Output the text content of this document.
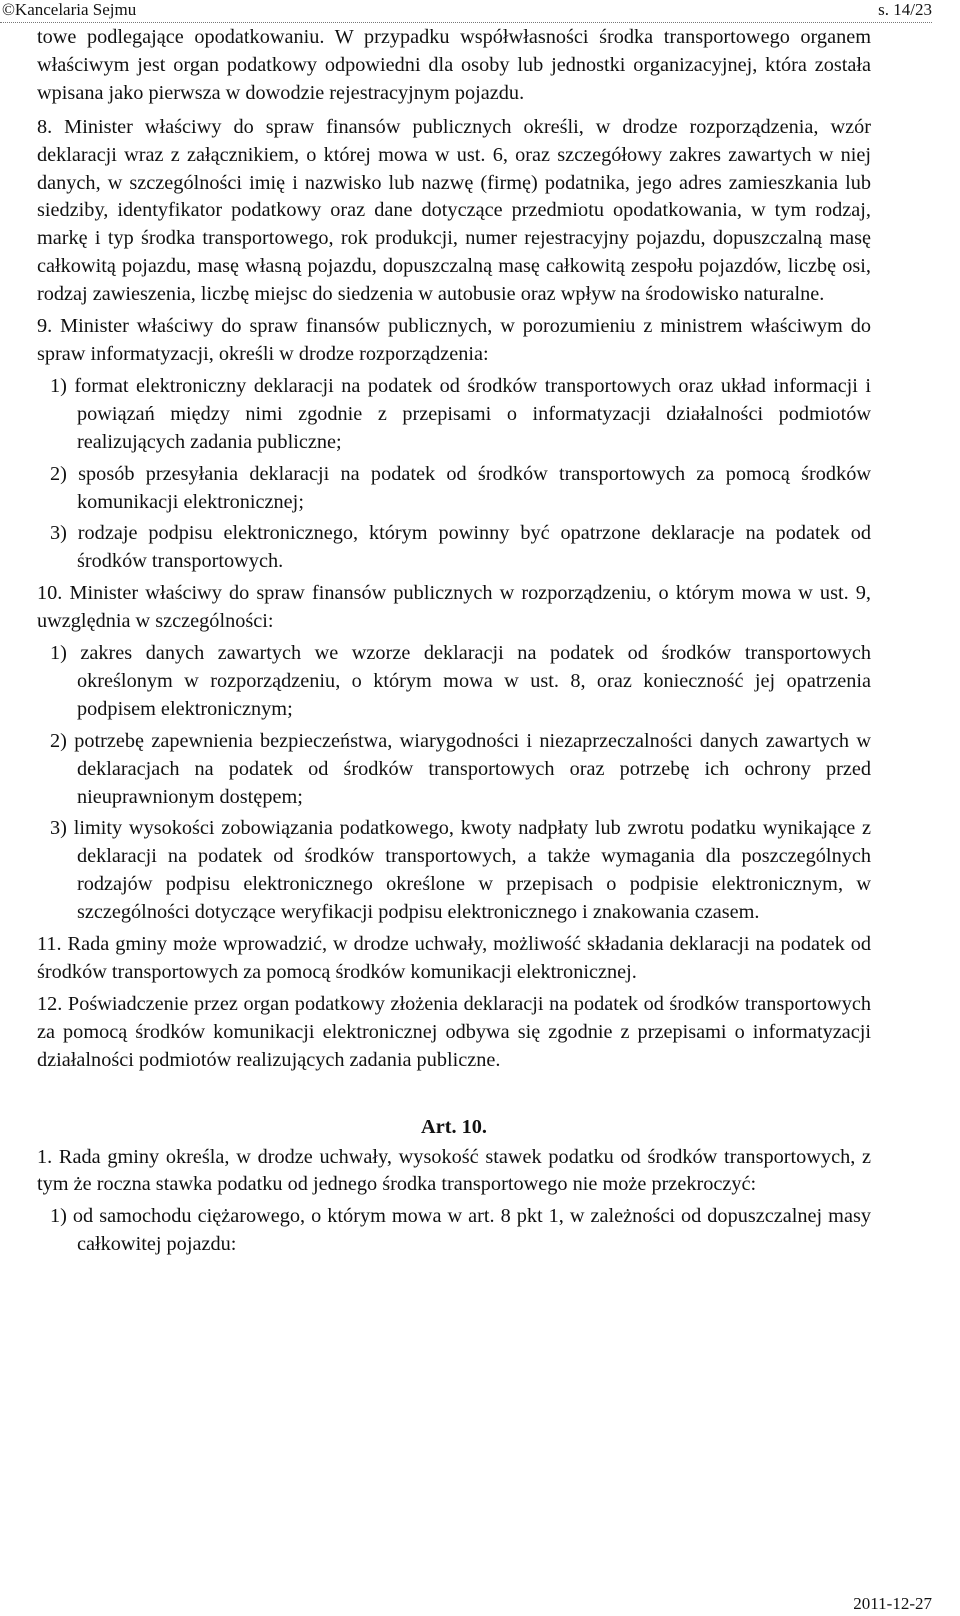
©Kancelaria Sejmu	s. 14/23

towe podlegające opodatkowaniu. W przypadku współwłasności środka transportowego organem właściwym jest organ podatkowy odpowiedni dla osoby lub jednostki organizacyjnej, która została wpisana jako pierwsza w dowodzie rejestracyjnym pojazdu.

8. Minister właściwy do spraw finansów publicznych określi, w drodze rozporządzenia, wzór deklaracji wraz z załącznikiem, o której mowa w ust. 6, oraz szczegółowy zakres zawartych w niej danych, w szczególności imię i nazwisko lub nazwę (firmę) podatnika, jego adres zamieszkania lub siedziby, identyfikator podatkowy oraz dane dotyczące przedmiotu opodatkowania, w tym rodzaj, markę i typ środka transportowego, rok produkcji, numer rejestracyjny pojazdu, dopuszczalną masę całkowitą pojazdu, masę własną pojazdu, dopuszczalną masę całkowitą zespołu pojazdów, liczbę osi, rodzaj zawieszenia, liczbę miejsc do siedzenia w autobusie oraz wpływ na środowisko naturalne.

9. Minister właściwy do spraw finansów publicznych, w porozumieniu z ministrem właściwym do spraw informatyzacji, określi w drodze rozporządzenia:

1) format elektroniczny deklaracji na podatek od środków transportowych oraz układ informacji i powiązań między nimi zgodnie z przepisami o informatyzacji działalności podmiotów realizujących zadania publiczne;

2) sposób przesyłania deklaracji na podatek od środków transportowych za pomocą środków komunikacji elektronicznej;

3) rodzaje podpisu elektronicznego, którym powinny być opatrzone deklaracje na podatek od środków transportowych.

10. Minister właściwy do spraw finansów publicznych w rozporządzeniu, o którym mowa w ust. 9, uwzględnia w szczególności:

1) zakres danych zawartych we wzorze deklaracji na podatek od środków transportowych określonym w rozporządzeniu, o którym mowa w ust. 8, oraz konieczność jej opatrzenia podpisem elektronicznym;

2) potrzebę zapewnienia bezpieczeństwa, wiarygodności i niezaprzeczalności danych zawartych w deklaracjach na podatek od środków transportowych oraz potrzebę ich ochrony przed nieuprawnionym dostępem;

3) limity wysokości zobowiązania podatkowego, kwoty nadpłaty lub zwrotu podatku wynikające z deklaracji na podatek od środków transportowych, a także wymagania dla poszczególnych rodzajów podpisu elektronicznego określone w przepisach o podpisie elektronicznym, w szczególności dotyczące weryfikacji podpisu elektronicznego i znakowania czasem.

11. Rada gminy może wprowadzić, w drodze uchwały, możliwość składania deklaracji na podatek od środków transportowych za pomocą środków komunikacji elektronicznej.

12. Poświadczenie przez organ podatkowy złożenia deklaracji na podatek od środków transportowych za pomocą środków komunikacji elektronicznej odbywa się zgodnie z przepisami o informatyzacji działalności podmiotów realizujących zadania publiczne.

Art. 10.

1. Rada gminy określa, w drodze uchwały, wysokość stawek podatku od środków transportowych, z tym że roczna stawka podatku od jednego środka transportowego nie może przekroczyć:

1) od samochodu ciężarowego, o którym mowa w art. 8 pkt 1, w zależności od dopuszczalnej masy całkowitej pojazdu:

2011-12-27
